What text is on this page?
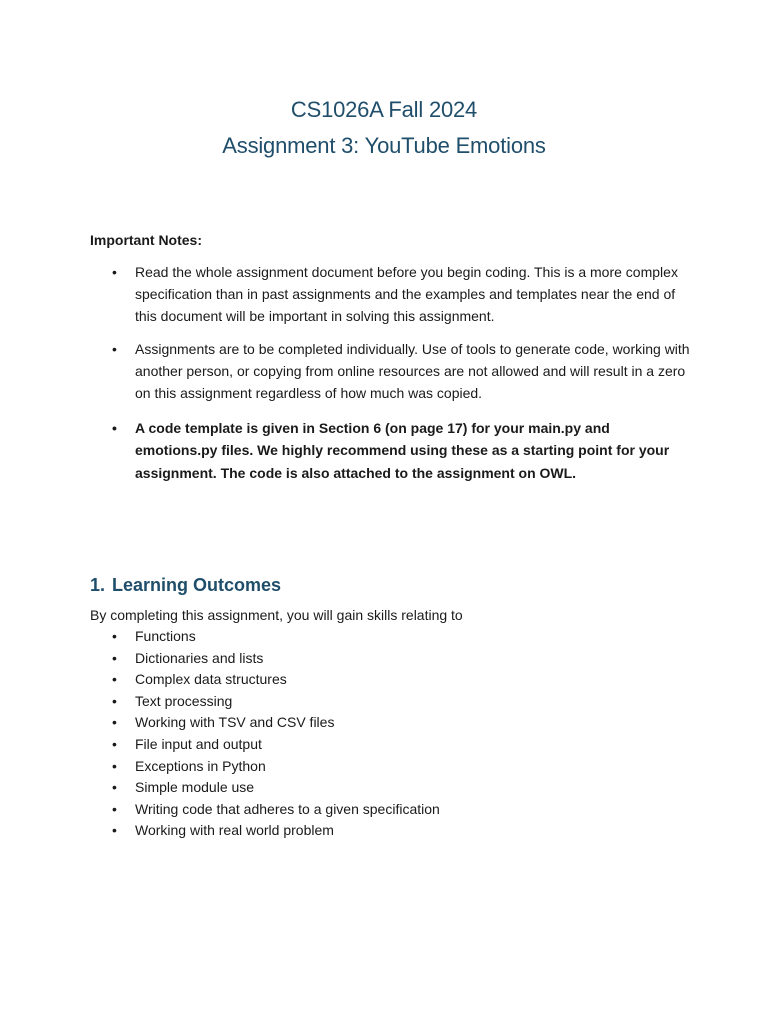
CS1026A Fall 2024
Assignment 3: YouTube Emotions

Important Notes:

• Read the whole assignment document before you begin coding. This is a more complex specification than in past assignments and the examples and templates near the end of this document will be important in solving this assignment.
• Assignments are to be completed individually. Use of tools to generate code, working with another person, or copying from online resources are not allowed and will result in a zero on this assignment regardless of how much was copied.
• A code template is given in Section 6 (on page 17) for your main.py and emotions.py files. We highly recommend using these as a starting point for your assignment. The code is also attached to the assignment on OWL.
1. Learning Outcomes

By completing this assignment, you will gain skills relating to

• Functions
• Dictionaries and lists
• Complex data structures
• Text processing
• Working with TSV and CSV files
• File input and output
• Exceptions in Python
• Simple module use
• Writing code that adheres to a given specification
• Working with real world problem
